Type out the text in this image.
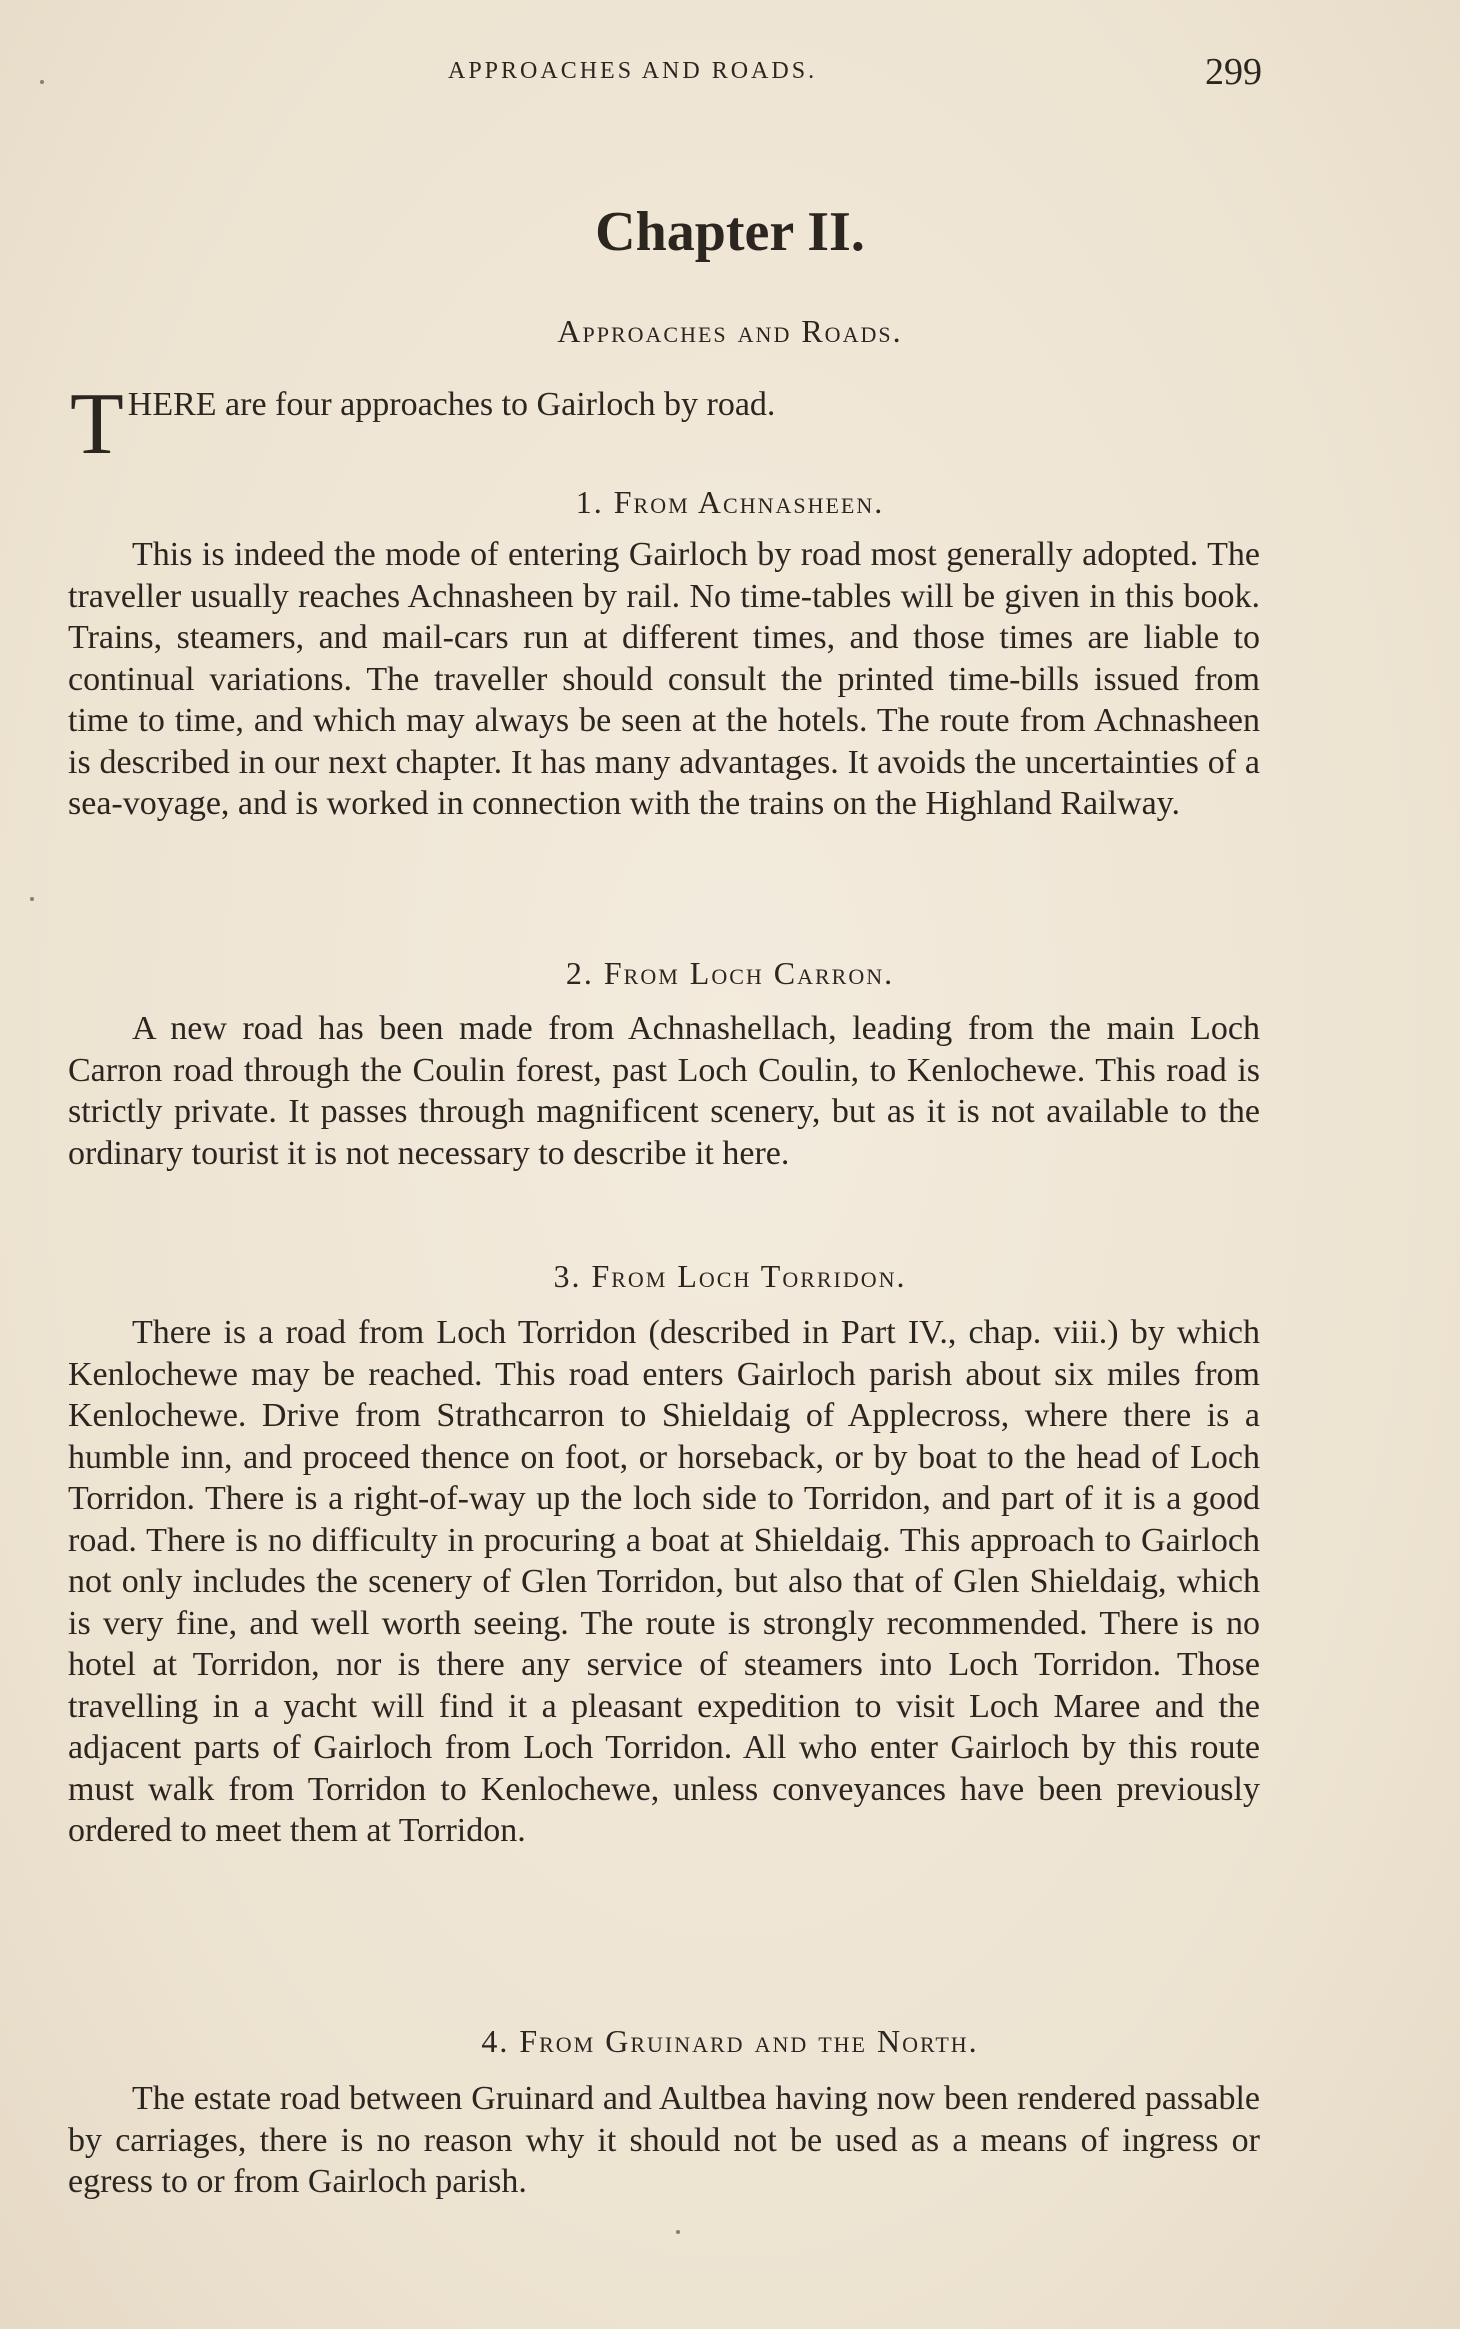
APPROACHES AND ROADS.	299
Chapter II.
Approaches and Roads.
T HERE are four approaches to Gairloch by road.
1. From Achnasheen.

This is indeed the mode of entering Gairloch by road most generally adopted. The traveller usually reaches Achnasheen by rail. No time-tables will be given in this book. Trains, steamers, and mail-cars run at different times, and those times are liable to continual variations. The traveller should consult the printed time-bills issued from time to time, and which may always be seen at the hotels. The route from Achnasheen is described in our next chapter. It has many advantages. It avoids the uncertainties of a sea-voyage, and is worked in connection with the trains on the Highland Railway.

2. From Loch Carron.

A new road has been made from Achnashellach, leading from the main Loch Carron road through the Coulin forest, past Loch Coulin, to Kenlochewe. This road is strictly private. It passes through magnificent scenery, but as it is not available to the ordinary tourist it is not necessary to describe it here.

3. From Loch Torridon.

There is a road from Loch Torridon (described in Part IV., chap. viii.) by which Kenlochewe may be reached. This road enters Gairloch parish about six miles from Kenlochewe. Drive from Strathcarron to Shieldaig of Applecross, where there is a humble inn, and proceed thence on foot, or horseback, or by boat to the head of Loch Torridon. There is a right-of-way up the loch side to Torridon, and part of it is a good road. There is no difficulty in procuring a boat at Shieldaig. This approach to Gairloch not only includes the scenery of Glen Torridon, but also that of Glen Shieldaig, which is very fine, and well worth seeing. The route is strongly recommended. There is no hotel at Torridon, nor is there any service of steamers into Loch Torridon. Those travelling in a yacht will find it a pleasant expedition to visit Loch Maree and the adjacent parts of Gairloch from Loch Torridon. All who enter Gairloch by this route must walk from Torridon to Kenlochewe, unless conveyances have been previously ordered to meet them at Torridon.

4. From Gruinard and the North.

The estate road between Gruinard and Aultbea having now been rendered passable by carriages, there is no reason why it should not be used as a means of ingress or egress to or from Gairloch parish.
